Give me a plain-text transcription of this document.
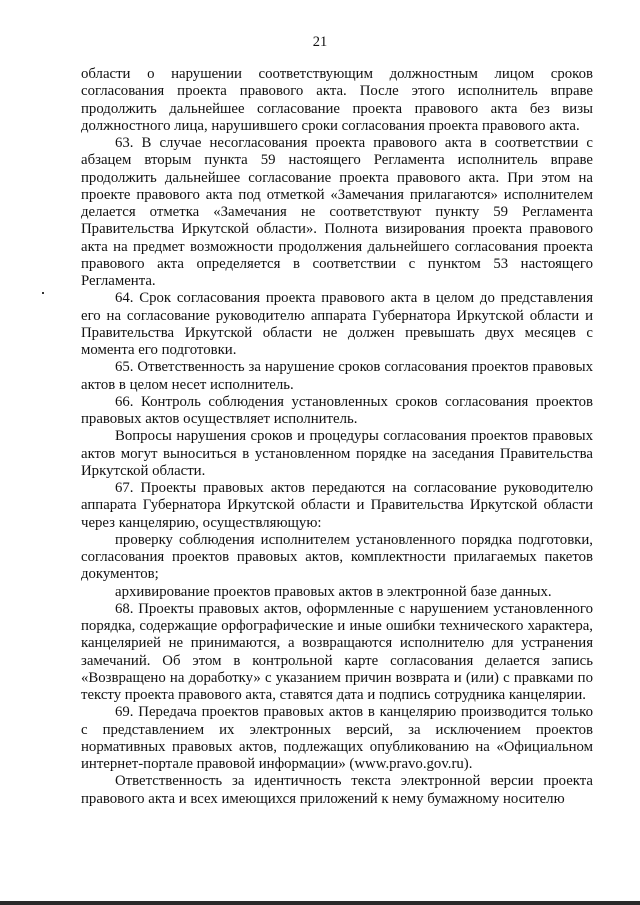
21

области о нарушении соответствующим должностным лицом сроков согласования проекта правового акта. После этого исполнитель вправе продолжить дальнейшее согласование проекта правового акта без визы должностного лица, нарушившего сроки согласования проекта правового акта.

63. В случае несогласования проекта правового акта в соответствии с абзацем вторым пункта 59 настоящего Регламента исполнитель вправе продолжить дальнейшее согласование проекта правового акта. При этом на проекте правового акта под отметкой «Замечания прилагаются» исполнителем делается отметка «Замечания не соответствуют пункту 59 Регламента Правительства Иркутской области». Полнота визирования проекта правового акта на предмет возможности продолжения дальнейшего согласования проекта правового акта определяется в соответствии с пунктом 53 настоящего Регламента.

64. Срок согласования проекта правового акта в целом до представления его на согласование руководителю аппарата Губернатора Иркутской области и Правительства Иркутской области не должен превышать двух месяцев с момента его подготовки.

65. Ответственность за нарушение сроков согласования проектов правовых актов в целом несет исполнитель.

66. Контроль соблюдения установленных сроков согласования проектов правовых актов осуществляет исполнитель.

Вопросы нарушения сроков и процедуры согласования проектов правовых актов могут выноситься в установленном порядке на заседания Правительства Иркутской области.

67. Проекты правовых актов передаются на согласование руководителю аппарата Губернатора Иркутской области и Правительства Иркутской области через канцелярию, осуществляющую:

проверку соблюдения исполнителем установленного порядка подготовки, согласования проектов правовых актов, комплектности прилагаемых пакетов документов;

архивирование проектов правовых актов в электронной базе данных.

68. Проекты правовых актов, оформленные с нарушением установленного порядка, содержащие орфографические и иные ошибки технического характера, канцелярией не принимаются, а возвращаются исполнителю для устранения замечаний. Об этом в контрольной карте согласования делается запись «Возвращено на доработку» с указанием причин возврата и (или) с правками по тексту проекта правового акта, ставятся дата и подпись сотрудника канцелярии.

69. Передача проектов правовых актов в канцелярию производится только с представлением их электронных версий, за исключением проектов нормативных правовых актов, подлежащих опубликованию на «Официальном интернет-портале правовой информации» (www.pravo.gov.ru).

Ответственность за идентичность текста электронной версии проекта правового акта и всех имеющихся приложений к нему бумажному носителю
